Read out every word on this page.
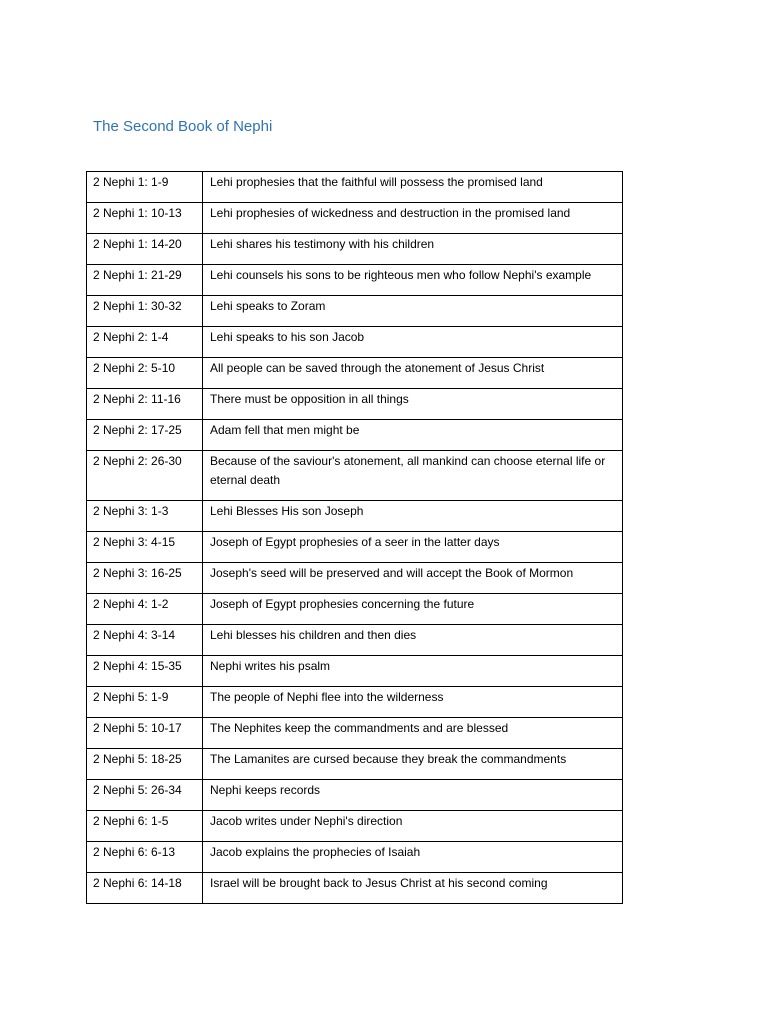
The Second Book of Nephi
2 Nephi 1: 1-9	Lehi prophesies that the faithful will possess the promised land
2 Nephi 1: 10-13	Lehi prophesies of wickedness and destruction in the promised land
2 Nephi 1: 14-20	Lehi shares his testimony with his children
2 Nephi 1: 21-29	Lehi counsels his sons to be righteous men who follow Nephi's example
2 Nephi 1: 30-32	Lehi speaks to Zoram
2 Nephi 2: 1-4	Lehi speaks to his son Jacob
2 Nephi 2: 5-10	All people can be saved through the atonement of Jesus Christ
2 Nephi 2: 11-16	There must be opposition in all things
2 Nephi 2: 17-25	Adam fell that men might be
2 Nephi 2: 26-30	Because of the saviour's atonement, all mankind can choose eternal life or eternal death
2 Nephi 3: 1-3	Lehi Blesses His son Joseph
2 Nephi 3: 4-15	Joseph of Egypt prophesies of a seer in the latter days
2 Nephi 3: 16-25	Joseph's seed will be preserved and will accept the Book of Mormon
2 Nephi 4: 1-2	Joseph of Egypt prophesies concerning the future
2 Nephi 4: 3-14	Lehi blesses his children and then dies
2 Nephi 4: 15-35	Nephi writes his psalm
2 Nephi 5: 1-9	The people of Nephi flee into the wilderness
2 Nephi 5: 10-17	The Nephites keep the commandments and are blessed
2 Nephi 5: 18-25	The Lamanites are cursed because they break the commandments
2 Nephi 5: 26-34	Nephi keeps records
2 Nephi 6: 1-5	Jacob writes under Nephi's direction
2 Nephi 6: 6-13	Jacob explains the prophecies of Isaiah
2 Nephi 6: 14-18	Israel will be brought back to Jesus Christ at his second coming
